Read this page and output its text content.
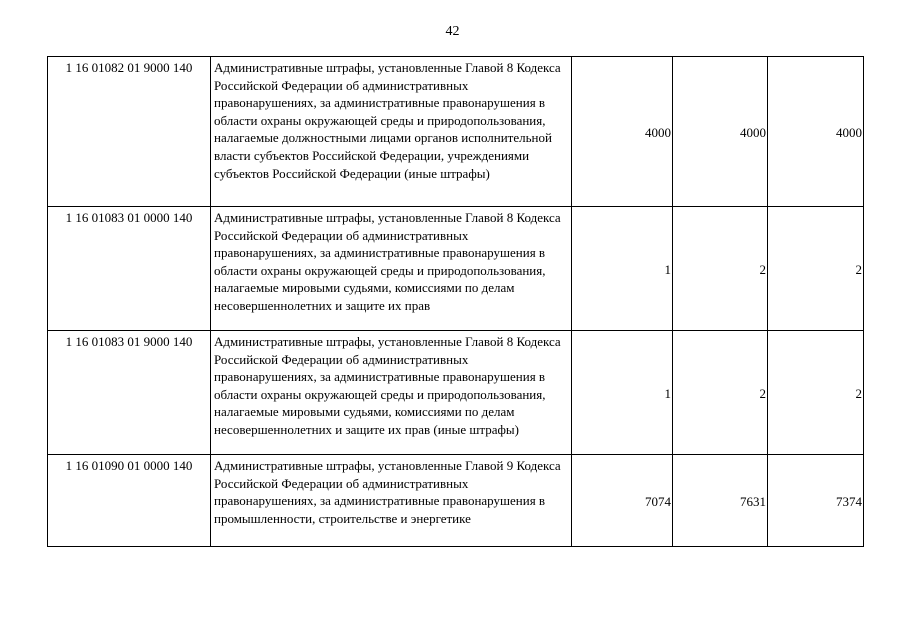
42
1 16 01082 01 9000 140	Административные штрафы, установленные Главой 8 Кодекса Российской Федерации об административных правонарушениях, за административные правонарушения в области охраны окружающей среды и природопользования, налагаемые должностными лицами органов исполнительной власти субъектов Российской Федерации, учреждениями субъектов Российской Федерации (иные штрафы)	4000	4000	4000
1 16 01083 01 0000 140	Административные штрафы, установленные Главой 8 Кодекса Российской Федерации об административных правонарушениях, за административные правонарушения в области охраны окружающей среды и природопользования, налагаемые мировыми судьями, комиссиями по делам несовершеннолетних и защите их прав	1	2	2
1 16 01083 01 9000 140	Административные штрафы, установленные Главой 8 Кодекса Российской Федерации об административных правонарушениях, за административные правонарушения в области охраны окружающей среды и природопользования, налагаемые мировыми судьями, комиссиями по делам несовершеннолетних и защите их прав (иные штрафы)	1	2	2
1 16 01090 01 0000 140	Административные штрафы, установленные Главой 9 Кодекса Российской Федерации об административных правонарушениях, за административные правонарушения в промышленности, строительстве и энергетике	7074	7631	7374
